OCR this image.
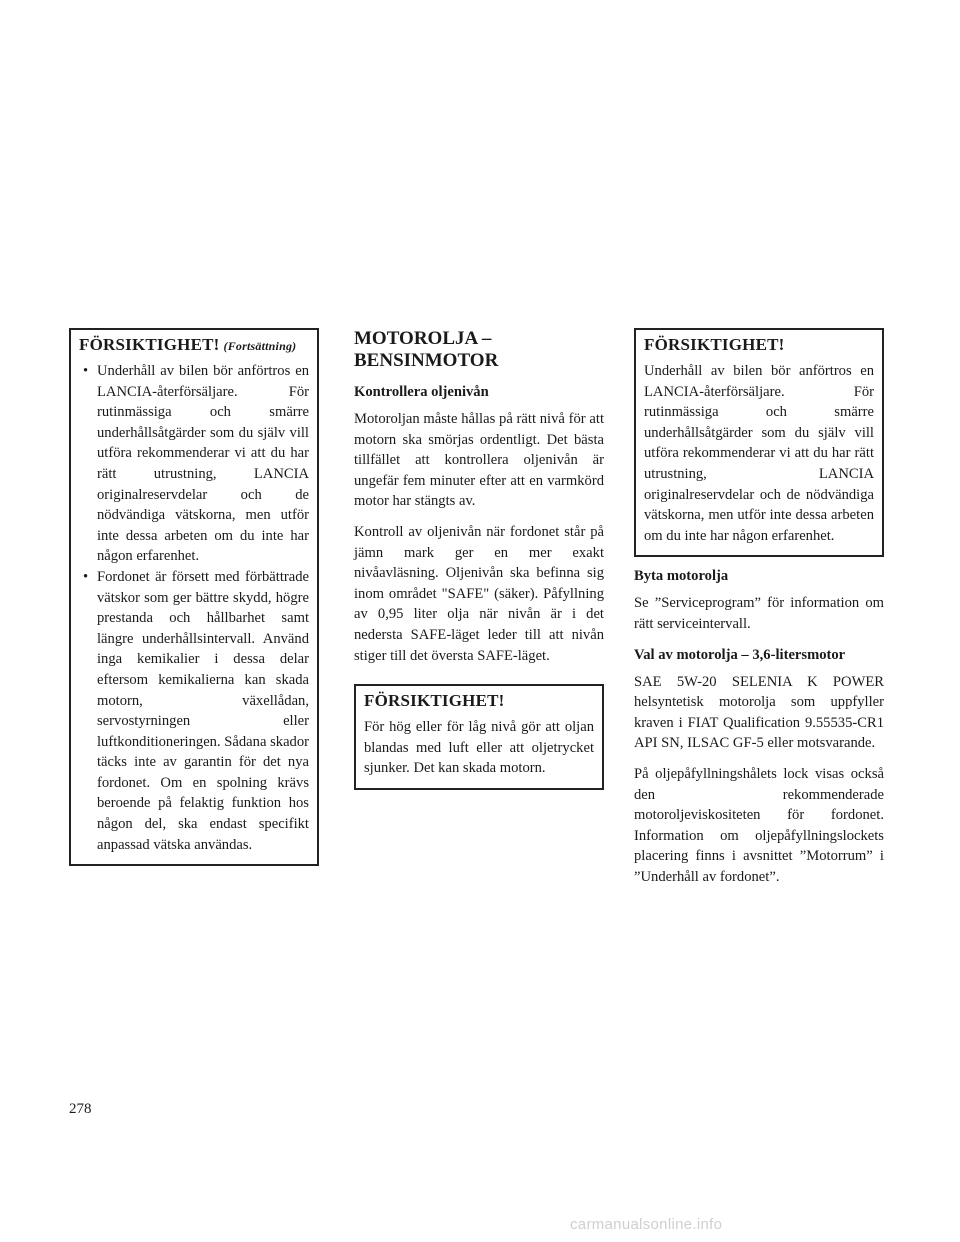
FÖRSIKTIGHET! (Fortsättning)
• Underhåll av bilen bör anförtros en LANCIA-återförsäljare. För rutinmässiga och smärre underhållsåtgärder som du själv vill utföra rekommenderar vi att du har rätt utrustning, LANCIA originalreservdelar och de nödvändiga vätskorna, men utför inte dessa arbeten om du inte har någon erfarenhet.
• Fordonet är försett med förbättrade vätskor som ger bättre skydd, högre prestanda och hållbarhet samt längre underhållsintervall. Använd inga kemikalier i dessa delar eftersom kemikalierna kan skada motorn, växellådan, servostyrningen eller luftkonditioneringen. Sådana skador täcks inte av garantin för det nya fordonet. Om en spolning krävs beroende på felaktig funktion hos någon del, ska endast specifikt anpassad vätska användas.
MOTOROLJA –
BENSINMOTOR
Kontrollera oljenivån

Motoroljan måste hållas på rätt nivå för att motorn ska smörjas ordentligt. Det bästa tillfället att kontrollera oljenivån är ungefär fem minuter efter att en varmkörd motor har stängts av.

Kontroll av oljenivån när fordonet står på jämn mark ger en mer exakt nivåavläsning. Oljenivån ska befinna sig inom området "SAFE" (säker). Påfyllning av 0,95 liter olja när nivån är i det nedersta SAFE-läget leder till att nivån stiger till det översta SAFE-läget.

FÖRSIKTIGHET!

För hög eller för låg nivå gör att oljan blandas med luft eller att oljetrycket sjunker. Det kan skada motorn.

FÖRSIKTIGHET!

Underhåll av bilen bör anförtros en LANCIA-återförsäljare. För rutinmässiga och smärre underhållsåtgärder som du själv vill utföra rekommenderar vi att du har rätt utrustning, LANCIA originalreservdelar och de nödvändiga vätskorna, men utför inte dessa arbeten om du inte har någon erfarenhet.

Byta motorolja

Se ”Serviceprogram” för information om rätt serviceintervall.

Val av motorolja – 3,6-litersmotor

SAE 5W-20 SELENIA K POWER helsyntetisk motorolja som uppfyller kraven i FIAT Qualification 9.55535-CR1 API SN, ILSAC GF-5 eller motsvarande.

På oljepåfyllningshålets lock visas också den rekommenderade motoroljeviskositeten för fordonet. Information om oljepåfyllningslockets placering finns i avsnittet ”Motorrum” i ”Underhåll av fordonet”.

278
carmanualsonline.info
